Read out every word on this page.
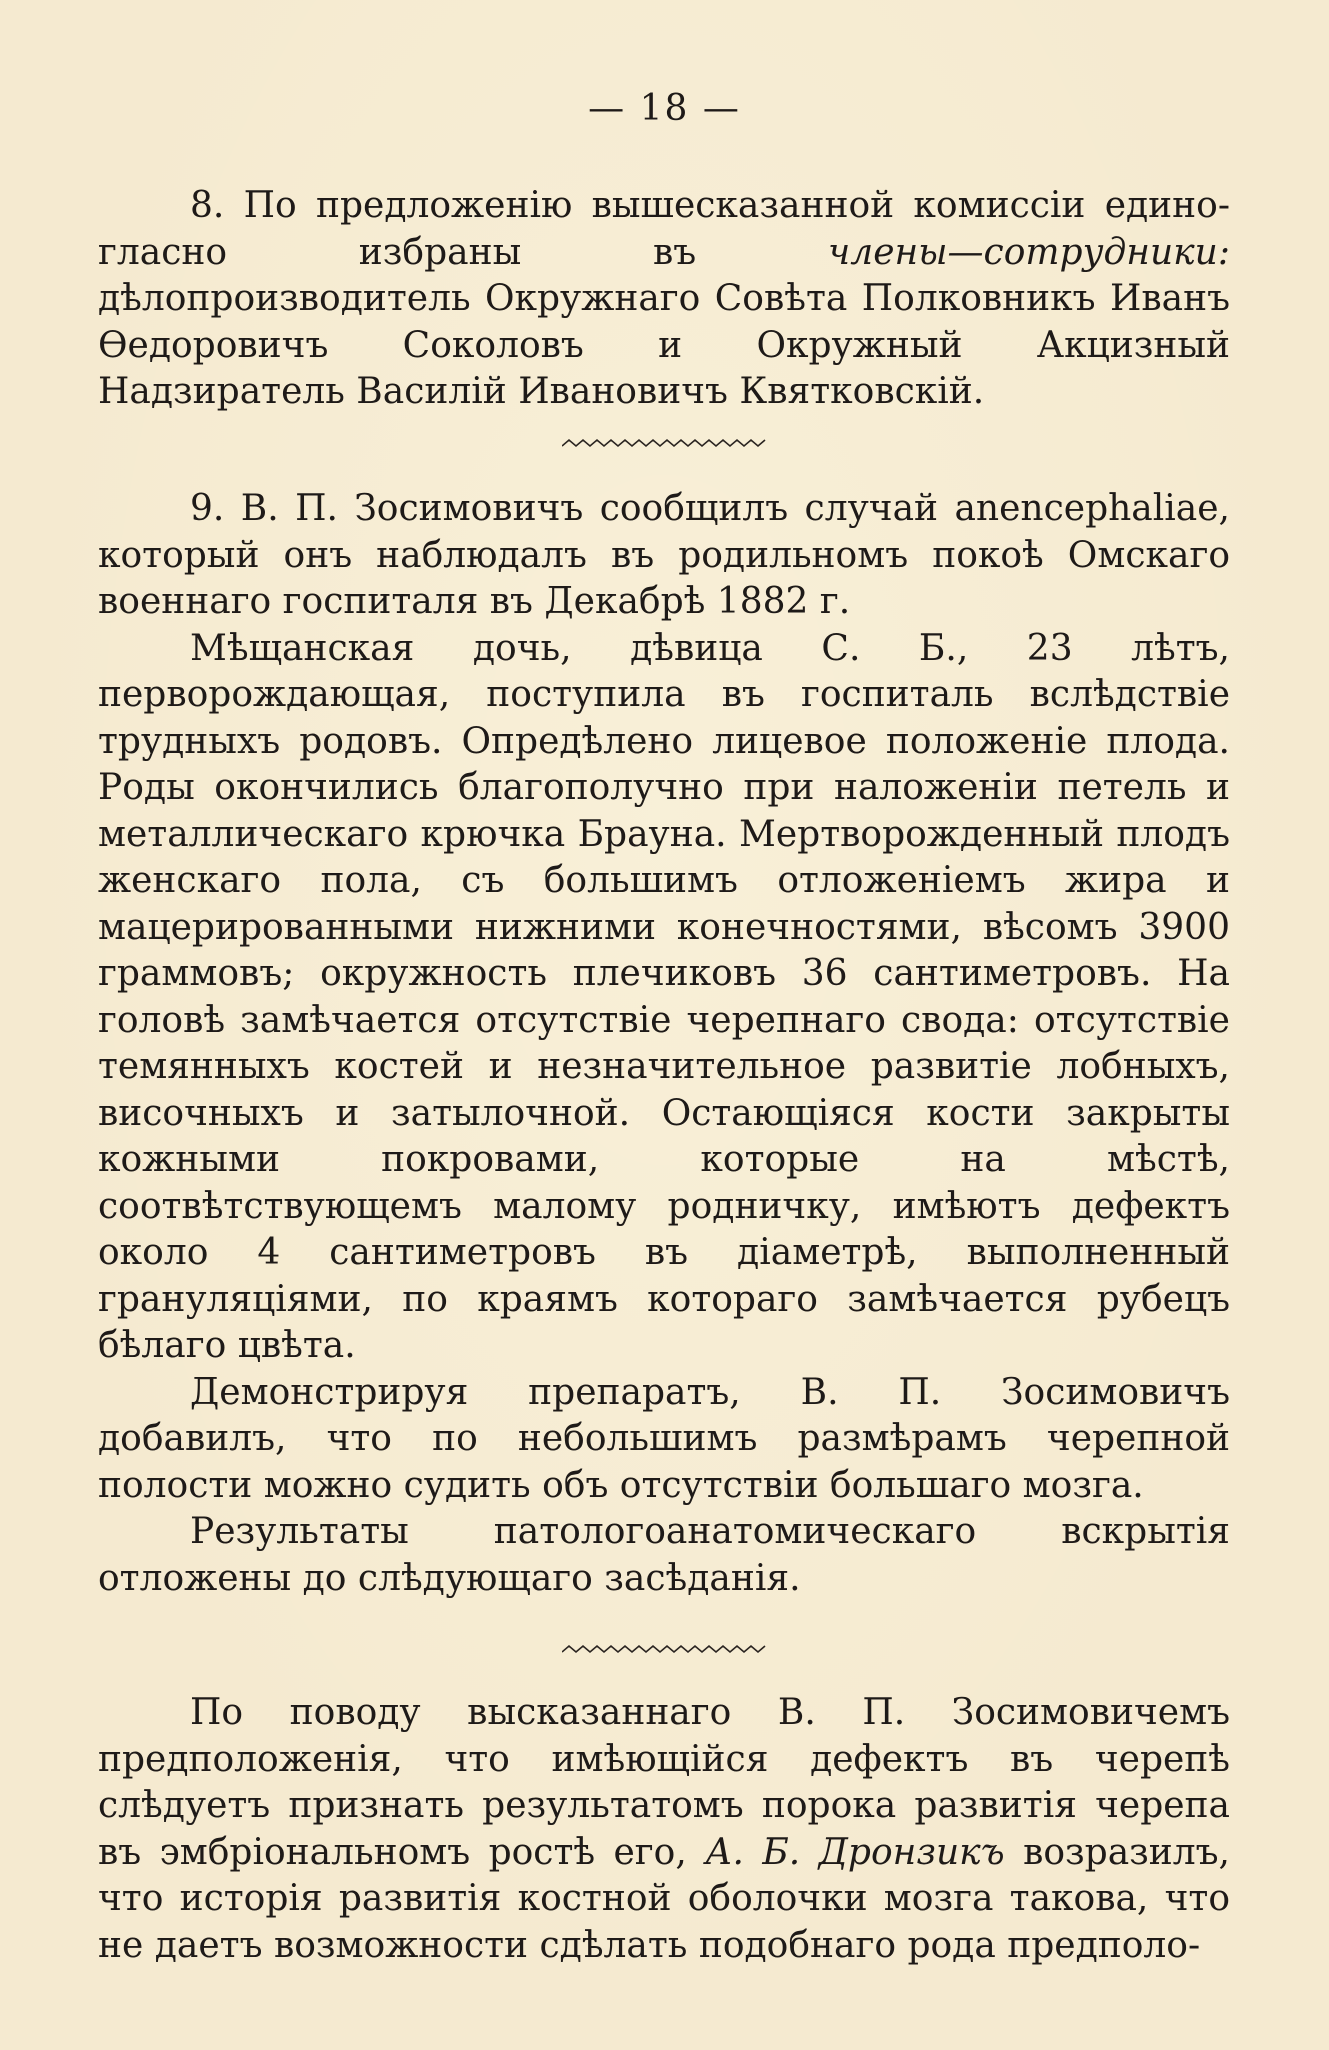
— 18 —

8. По предложенію вышесказанной комиссіи едино-гласно избраны въ члены—сотрудники: дѣлопроизводитель Окружнаго Совѣта Полковникъ Иванъ Өедоровичъ Соколовъ и Окружный Акцизный Надзиратель Василій Ивановичъ Квятковскій.

9. В. П. Зосимовичъ сообщилъ случай anencephaliae, который онъ наблюдалъ въ родильномъ покоѣ Омскаго военнаго госпиталя въ Декабрѣ 1882 г.

Мѣщанская дочь, дѣвица С. Б., 23 лѣтъ, перворождающая, поступила въ госпиталь вслѣдствіе трудныхъ родовъ. Опредѣлено лицевое положеніе плода. Роды окончились благополучно при наложеніи петель и металлическаго крючка Брауна. Мертворожденный плодъ женскаго пола, съ большимъ отложеніемъ жира и мацерированными нижними конечностями, вѣсомъ 3900 граммовъ; окружность плечиковъ 36 сантиметровъ. На головѣ замѣчается отсутствіе черепнаго свода: отсутствіе темянныхъ костей и незначительное развитіе лобныхъ, височныхъ и затылочной. Остающіяся кости закрыты кожными покровами, которые на мѣстѣ, соотвѣтствующемъ малому родничку, имѣютъ дефектъ около 4 сантиметровъ въ діаметрѣ, выполненный грануляціями, по краямъ котораго замѣчается рубецъ бѣлаго цвѣта.

Демонстрируя препаратъ, В. П. Зосимовичъ добавилъ, что по небольшимъ размѣрамъ черепной полости можно судить объ отсутствіи большаго мозга.

Результаты патологоанатомическаго вскрытія отложены до слѣдующаго засѣданія.

По поводу высказаннаго В. П. Зосимовичемъ предположенія, что имѣющійся дефектъ въ черепѣ слѣдуетъ признать результатомъ порока развитія черепа въ эмбріональномъ ростѣ его, А. Б. Дронзикъ возразилъ, что исторія развитія костной оболочки мозга такова, что не даетъ возможности сдѣлать подобнаго рода предполо-
